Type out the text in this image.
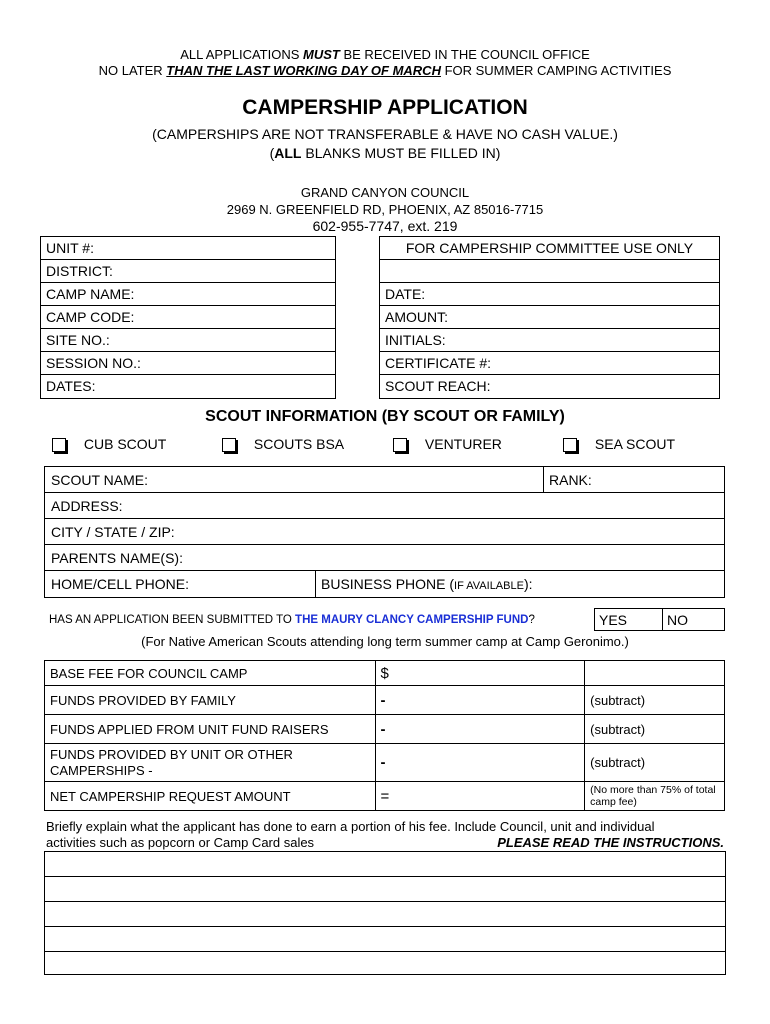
ALL APPLICATIONS MUST BE RECEIVED IN THE COUNCIL OFFICE
NO LATER THAN THE LAST WORKING DAY OF MARCH FOR SUMMER CAMPING ACTIVITIES
CAMPERSHIP APPLICATION
(CAMPERSHIPS ARE NOT TRANSFERABLE & HAVE NO CASH VALUE.)
(ALL BLANKS MUST BE FILLED IN)
GRAND CANYON COUNCIL
2969 N. GREENFIELD RD, PHOENIX, AZ 85016-7715
602-955-7747, ext. 219
UNIT #:
DISTRICT:
CAMP NAME:
CAMP CODE:
SITE NO.:
SESSION NO.:
DATES:
FOR CAMPERSHIP COMMITTEE USE ONLY
DATE:
AMOUNT:
INITIALS:
CERTIFICATE #:
SCOUT REACH:
SCOUT INFORMATION (BY SCOUT OR FAMILY)
CUB SCOUT	SCOUTS BSA	VENTURER	SEA SCOUT
SCOUT NAME:	RANK:
ADDRESS:
CITY / STATE / ZIP:
PARENTS NAME(S):
HOME/CELL PHONE:	BUSINESS PHONE (IF AVAILABLE):
HAS AN APPLICATION BEEN SUBMITTED TO THE MAURY CLANCY CAMPERSHIP FUND?	YES	NO
(For Native American Scouts attending long term summer camp at Camp Geronimo.)
BASE FEE FOR COUNCIL CAMP	$	
FUNDS PROVIDED BY FAMILY	-	(subtract)
FUNDS APPLIED FROM UNIT FUND RAISERS	-	(subtract)
FUNDS PROVIDED BY UNIT OR OTHER CAMPERSHIPS -	-	(subtract)
NET CAMPERSHIP REQUEST AMOUNT	=	(No more than 75% of total camp fee)
Briefly explain what the applicant has done to earn a portion of his fee. Include Council, unit and individual
activities such as popcorn or Camp Card sales	PLEASE READ THE INSTRUCTIONS.
